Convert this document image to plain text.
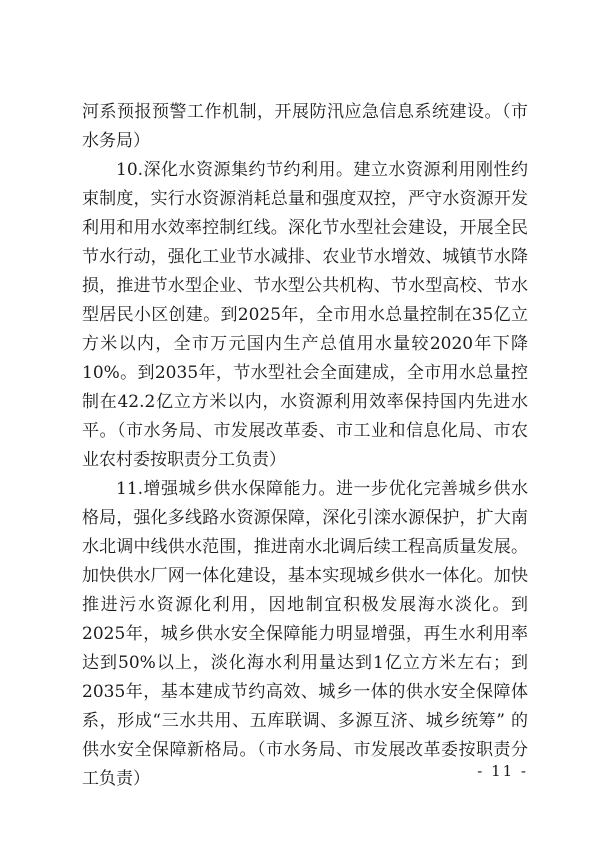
河系预报预警工作机制，开展防汛应急信息系统建设。（市水务局）

10.深化水资源集约节约利用。建立水资源利用刚性约束制度，实行水资源消耗总量和强度双控，严守水资源开发利用和用水效率控制红线。深化节水型社会建设，开展全民节水行动，强化工业节水减排、农业节水增效、城镇节水降损，推进节水型企业、节水型公共机构、节水型高校、节水型居民小区创建。到2025年，全市用水总量控制在35亿立方米以内，全市万元国内生产总值用水量较2020年下降10%。到2035年，节水型社会全面建成，全市用水总量控制在42.2亿立方米以内，水资源利用效率保持国内先进水平。（市水务局、市发展改革委、市工业和信息化局、市农业农村委按职责分工负责）

11.增强城乡供水保障能力。进一步优化完善城乡供水格局，强化多线路水资源保障，深化引滦水源保护，扩大南水北调中线供水范围，推进南水北调后续工程高质量发展。加快供水厂网一体化建设，基本实现城乡供水一体化。加快推进污水资源化利用，因地制宜积极发展海水淡化。到2025年，城乡供水安全保障能力明显增强，再生水利用率达到50%以上，淡化海水利用量达到1亿立方米左右；到2035年，基本建成节约高效、城乡一体的供水安全保障体系，形成“三水共用、五库联调、多源互济、城乡统筹” 的供水安全保障新格局。（市水务局、市发展改革委按职责分工负责）	- 11 -
